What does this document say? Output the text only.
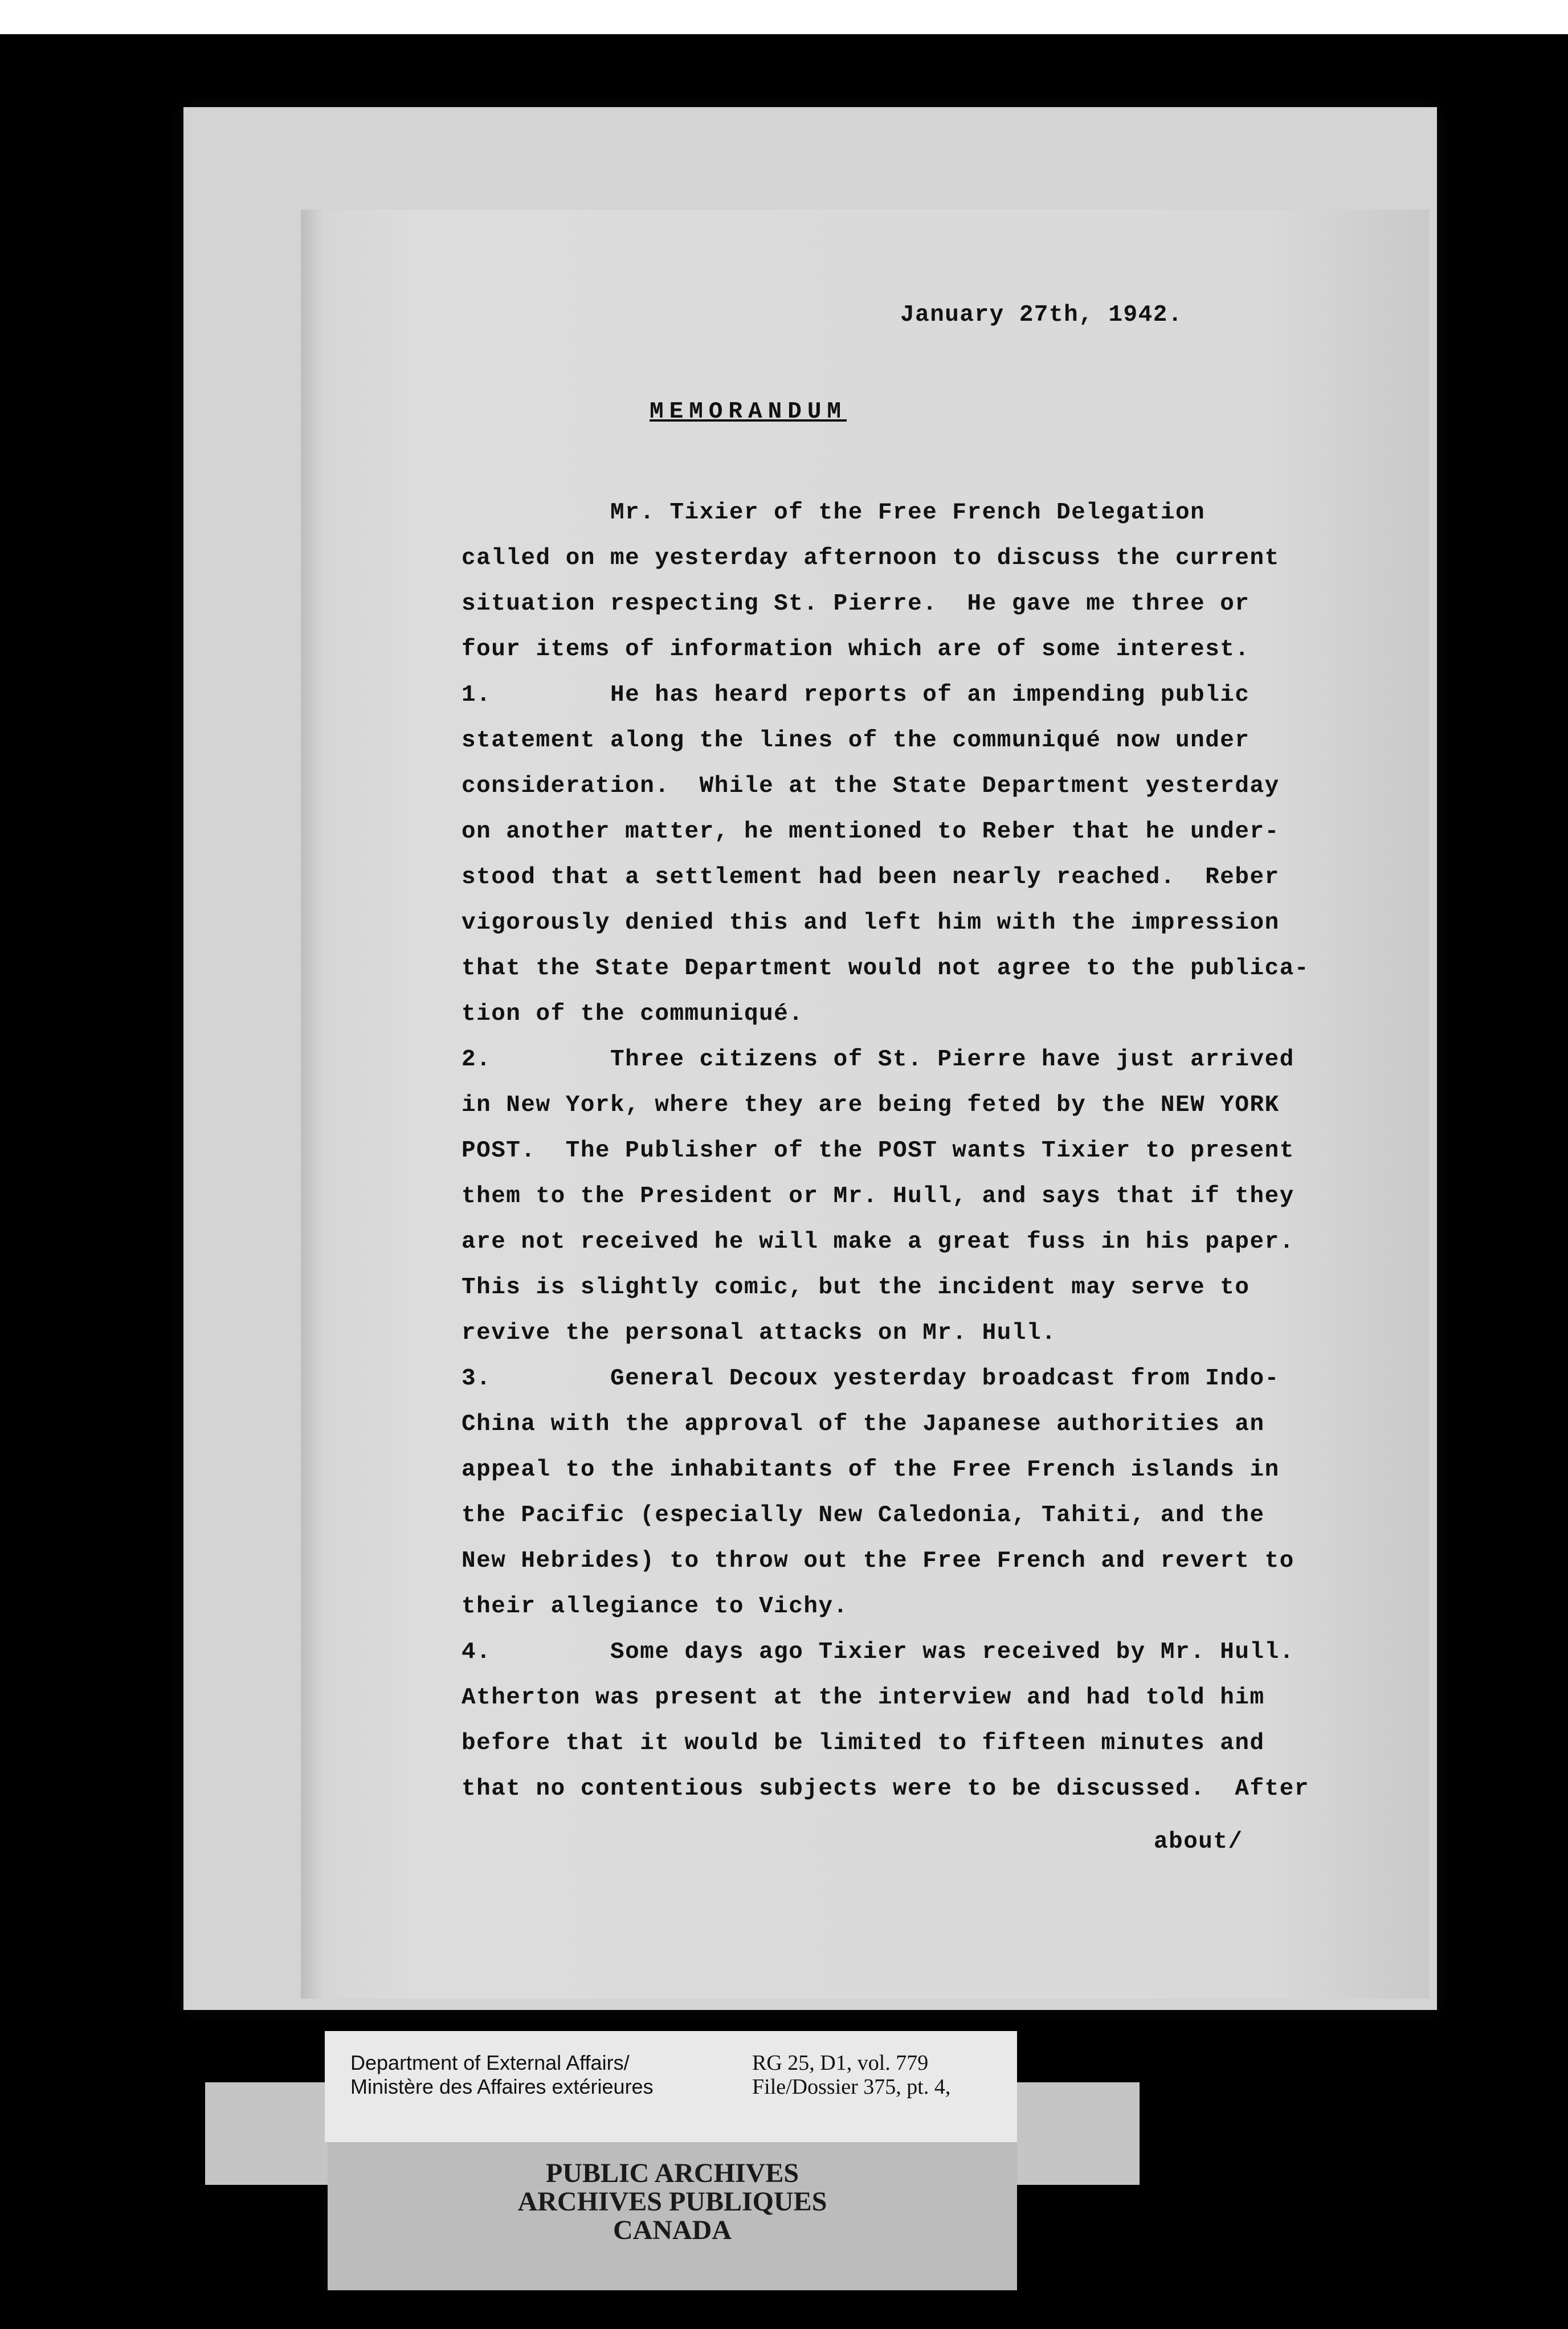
January 27th, 1942.
MEMORANDUM
Mr. Tixier of the Free French Delegation
called on me yesterday afternoon to discuss the current
situation respecting St. Pierre.  He gave me three or
four items of information which are of some interest.
1.        He has heard reports of an impending public
statement along the lines of the communiqué now under
consideration.  While at the State Department yesterday
on another matter, he mentioned to Reber that he under-
stood that a settlement had been nearly reached.  Reber
vigorously denied this and left him with the impression
that the State Department would not agree to the publica-
tion of the communiqué.
2.        Three citizens of St. Pierre have just arrived
in New York, where they are being feted by the NEW YORK
POST.  The Publisher of the POST wants Tixier to present
them to the President or Mr. Hull, and says that if they
are not received he will make a great fuss in his paper.
This is slightly comic, but the incident may serve to
revive the personal attacks on Mr. Hull.
3.        General Decoux yesterday broadcast from Indo-
China with the approval of the Japanese authorities an
appeal to the inhabitants of the Free French islands in
the Pacific (especially New Caledonia, Tahiti, and the
New Hebrides) to throw out the Free French and revert to
their allegiance to Vichy.
4.        Some days ago Tixier was received by Mr. Hull.
Atherton was present at the interview and had told him
before that it would be limited to fifteen minutes and
that no contentious subjects were to be discussed.  After
about/
Department of External Affairs/
Ministère des Affaires extérieures
RG 25, D1, vol. 779
File/Dossier 375, pt. 4,
PUBLIC ARCHIVES
ARCHIVES PUBLIQUES
CANADA
